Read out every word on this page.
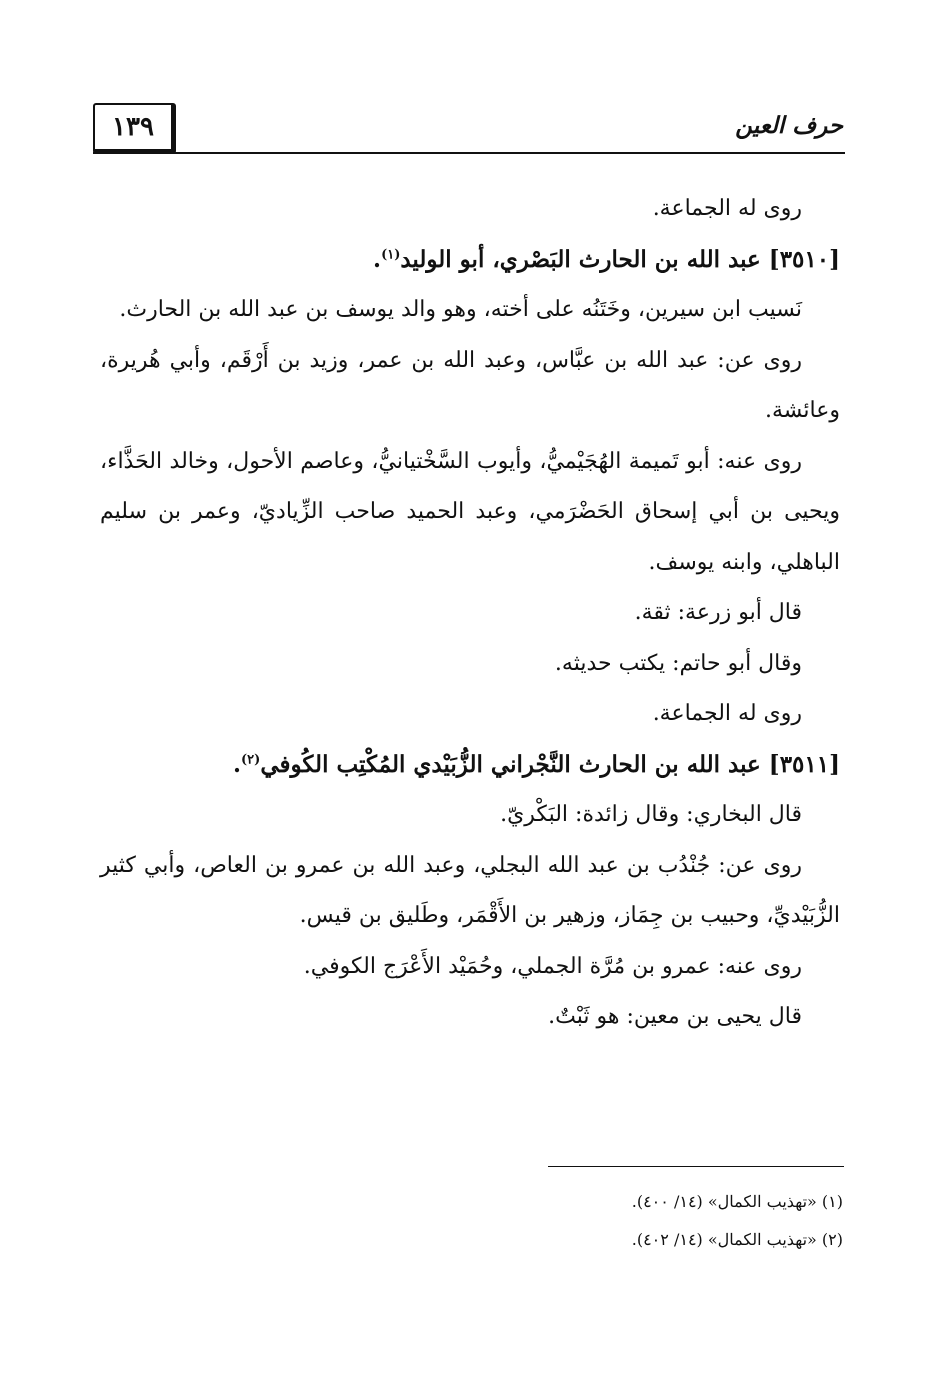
١٣٩	حرف العين

روى له الجماعة.

[٣٥١٠] عبد الله بن الحارث البَصْري، أبو الوليد$^{(١)}$.

نَسيب ابن سيرين، وخَتَنُه على أخته، وهو والد يوسف بن عبد الله بن الحارث.

روى عن: عبد الله بن عبَّاس، وعبد الله بن عمر، وزيد بن أَرْقَم، وأبي هُريرة، وعائشة.

روى عنه: أبو تَميمة الهُجَيْميُّ، وأيوب السَّخْتيانيُّ، وعاصم الأحول، وخالد الحَذَّاء، ويحيى بن أبي إسحاق الحَضْرَمي، وعبد الحميد صاحب الزِّياديّ، وعمر بن سليم الباهلي، وابنه يوسف.

قال أبو زرعة: ثقة.

وقال أبو حاتم: يكتب حديثه.

روى له الجماعة.

[٣٥١١] عبد الله بن الحارث النَّجْراني الزُّبَيْدي المُكْتِب الكُوفي$^{(٢)}$.

قال البخاري: وقال زائدة: البَكْريّ.

روى عن: جُنْدُب بن عبد الله البجلي، وعبد الله بن عمرو بن العاص، وأبي كثير الزُّبَيْديِّ، وحبيب بن جِمَاز، وزهير بن الأَقْمَر، وطَليق بن قيس.

روى عنه: عمرو بن مُرَّة الجملي، وحُمَيْد الأَعْرَج الكوفي.

قال يحيى بن معين: هو ثَبْتٌ.

(١) «تهذيب الكمال» (١٤/ ٤٠٠).

(٢) «تهذيب الكمال» (١٤/ ٤٠٢).
